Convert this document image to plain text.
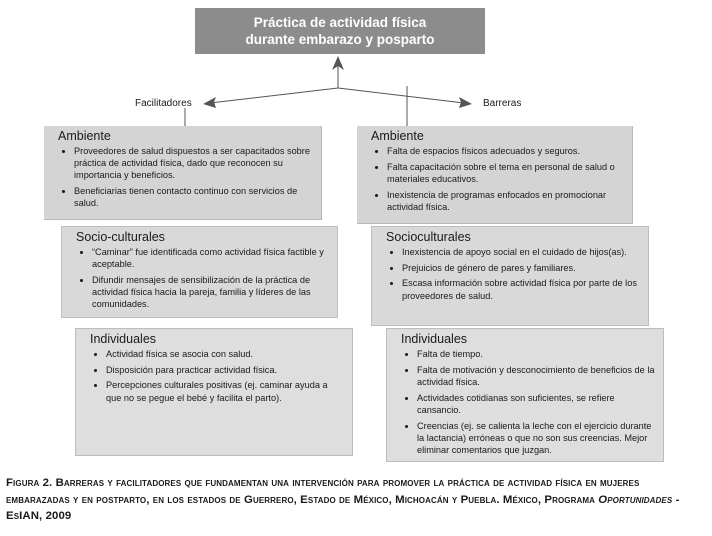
Práctica de actividad física
durante embarazo y posparto
Facilitadores	Barreras
Ambiente
• Proveedores de salud dispuestos a ser capacitados sobre práctica de actividad física, dado que reconocen su importancia y beneficios.
• Beneficiarias tienen contacto continuo con servicios de salud.
Socio-culturales
• “Caminar” fue identificada como actividad física factible y aceptable.
• Difundir mensajes de sensibilización de la práctica de actividad física hacia la pareja, familia y líderes de las comunidades.
Individuales
• Actividad física se asocia con salud.
• Disposición para practicar actividad física.
• Percepciones culturales positivas (ej. caminar ayuda a que no se pegue el bebé y facilita el parto).
Ambiente
• Falta de espacios físicos adecuados y seguros.
• Falta capacitación sobre el tema en personal de salud o materiales educativos.
• Inexistencia de programas enfocados en promocionar actividad física.
Socioculturales
• Inexistencia de apoyo social en el cuidado de hijos(as).
• Prejuicios de género de pares y familiares.
• Escasa información sobre actividad física por parte de los proveedores de salud.
Individuales
• Falta de tiempo.
• Falta de motivación y desconocimiento de beneficios de la actividad física.
• Actividades cotidianas son suficientes, se refiere cansancio.
• Creencias (ej. se calienta la leche con el ejercicio durante la lactancia) erróneas o que no son sus creencias. Mejor eliminar comentarios que juzgan.
Figura 2. Barreras y facilitadores que fundamentan una intervención para promover la práctica de actividad física en mujeres embarazadas y en postparto, en los estados de Guerrero, Estado de México, Michoacán y Puebla. México, Programa Oportunidades - EsIAN, 2009
